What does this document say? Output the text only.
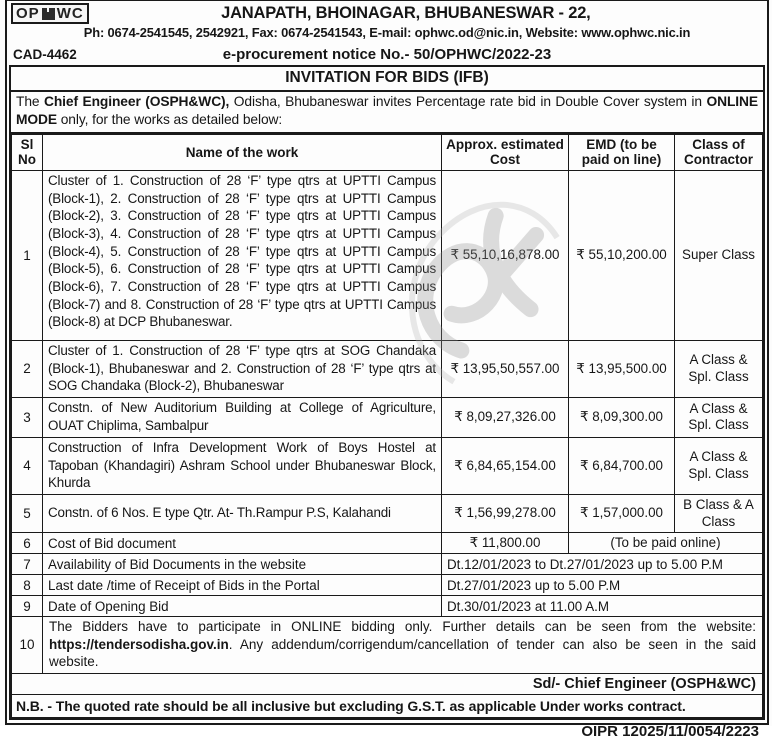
OP WC	JANAPATH, BHOINAGAR, BHUBANESWAR - 22,
Ph: 0674-2541545, 2542921, Fax: 0674-2541543, E-mail: ophwc.od@nic.in, Website: www.ophwc.nic.in
CAD-4462	e-procurement notice No.- 50/OPHWC/2022-23
INVITATION FOR BIDS (IFB)
The Chief Engineer (OSPH&WC), Odisha, Bhubaneswar invites Percentage rate bid in Double Cover system in ONLINE MODE only, for the works as detailed below:
Sl No	Name of the work	Approx. estimated Cost	EMD (to be paid on line)	Class of Contractor
1	Cluster of 1. Construction of 28 ‘F’ type qtrs at UPTTI Campus (Block-1), 2. Construction of 28 ‘F’ type qtrs at UPTTI Campus (Block-2), 3. Construction of 28 ‘F’ type qtrs at UPTTI Campus (Block-3), 4. Construction of 28 ‘F’ type qtrs at UPTTI Campus (Block-4), 5. Construction of 28 ‘F’ type qtrs at UPTTI Campus (Block-5), 6. Construction of 28 ‘F’ type qtrs at UPTTI Campus (Block-6), 7. Construction of 28 ‘F’ type qtrs at UPTTI Campus (Block-7) and 8. Construction of 28 ‘F’ type qtrs at UPTTI Campus (Block-8) at DCP Bhubaneswar.	₹ 55,10,16,878.00	₹ 55,10,200.00	Super Class
2	Cluster of 1. Construction of 28 ‘F’ type qtrs at SOG Chandaka (Block-1), Bhubaneswar and 2. Construction of 28 ‘F’ type qtrs at SOG Chandaka (Block-2), Bhubaneswar	₹ 13,95,50,557.00	₹ 13,95,500.00	A Class & Spl. Class
3	Constn. of New Auditorium Building at College of Agriculture, OUAT Chiplima, Sambalpur	₹ 8,09,27,326.00	₹ 8,09,300.00	A Class & Spl. Class
4	Construction of Infra Development Work of Boys Hostel at Tapoban (Khandagiri) Ashram School under Bhubaneswar Block, Khurda	₹ 6,84,65,154.00	₹ 6,84,700.00	A Class & Spl. Class
5	Constn. of 6 Nos. E type Qtr. At- Th.Rampur P.S, Kalahandi	₹ 1,56,99,278.00	₹ 1,57,000.00	B Class & A Class
6	Cost of Bid document	₹ 11,800.00	(To be paid online)	
7	Availability of Bid Documents in the website	Dt.12/01/2023 to Dt.27/01/2023 up to 5.00 P.M		
8	Last date /time of Receipt of Bids in the Portal	Dt.27/01/2023 up to 5.00 P.M		
9	Date of Opening Bid	Dt.30/01/2023 at 11.00 A.M		
10	The Bidders have to participate in ONLINE bidding only. Further details can be seen from the website: https://tendersodisha.gov.in. Any addendum/corrigendum/cancellation of tender can also be seen in the said website.			
Sd/- Chief Engineer (OSPH&WC)				
N.B. - The quoted rate should be all inclusive but excluding G.S.T. as applicable Under works contract.				
OIPR 12025/11/0054/2223
